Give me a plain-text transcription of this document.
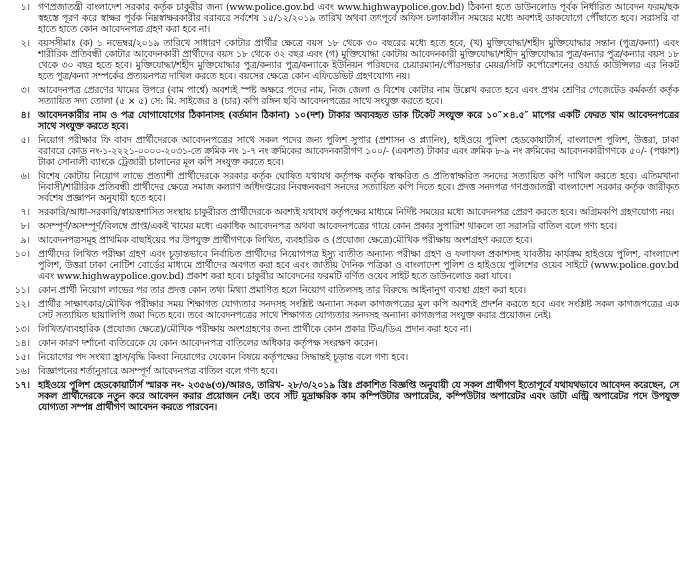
১। গণপ্রজাতন্ত্রী বাংলাদেশ সরকার কর্তৃক চাকুরীর জন্য (www.police.gov.bd এবং www.highwaypolice.gov.bd) ঠিকানা হতে ডাউনলোড পূর্বক নির্ধারিত আবেদন ফরম/ছক স্বহস্তে পূরণ করে স্বাক্ষর পূর্বক নিম্নস্বাক্ষরকারীর বরাবরে সর্বশেষ ১৫/১২/২০১৯ তারিখ অথবা তৎপূর্বে অফিস চলাকালীন সময়ের মধ্যে অবশ্যই ডাকযোগে পৌঁছাতে হবে। সরাসরি বা হাতে হাতে কোন আবেদনপত্র গ্রহণ করা হবে না।
২। বয়সসীমাঃ (ক) ১ নভেম্বর/২০১৯ তারিখে সাধারণ কোটার প্রার্থীর ক্ষেত্রে বয়স ১৮ থেকে ৩০ বছরের মধ্যে হতে হবে, (খ) মুক্তিযোদ্ধা/শহীদ মুক্তিযোদ্ধার সন্তান (পুত্র/কন্যা) এবং শারীরিক প্রতিবন্ধী কোটার আবেদনকারী প্রার্থীদের বয়স ১৮ থেকে ৩২ বছর এবং (গ) মুক্তিযোদ্ধা কোটায় আবেদনকারী মুক্তিযোদ্ধা/শহীদ মুক্তিযোদ্ধার পুত্র/কন্যার পুত্র/কন্যার বয়স ১৮ থেকে ৩০ বছর হতে হবে। মুক্তিযোদ্ধা/শহীদ মুক্তিযোদ্ধার পুত্র/কন্যার পুত্র/কন্যাকে ইউনিয়ন পরিষদের চেয়ারম্যান/পৌরসভার মেয়র/সিটি কর্পোরেশনের ওয়ার্ড কাউন্সিলর এর নিকট হতে পুত্র/কন্যা সম্পর্কের প্রত্যয়নপত্র দাখিল করতে হবে। বয়সের ক্ষেত্রে কোন এফিডেভিট গ্রহণযোগ্য নয়।
৩। আবেদনপত্র প্রেরণের খামের উপরে (বাম পার্শ্বে) অবশ্যই স্পষ্ট অক্ষরে পদের নাম, নিজ জেলা ও বিশেষ কোটার নাম উল্লেখ করতে হবে এবং প্রথম শ্রেণির গেজেটেড কর্মকর্তা কর্তৃক সত্যায়িত সদ্য তোলা (৫ × ৫) সে: মি. সাইজের ৪ (চার) কপি রঙ্গিন ছবি আবেদনপত্রের সাথে সংযুক্ত করতে হবে।
৪। আবেদনকারীর নাম ও পত্র যোগাযোগের ঠিকানাসহ (বর্তমান ঠিকানা) ১০(দশ) টাকার অব্যবহৃত ডাক টিকেট সংযুক্ত করে ১০″×৪.৫″ মাপের একটি ফেরত খাম আবেদনপত্রের সাথে সংযুক্ত করতে হবে।
৫। নিয়োগ পরীক্ষার ফি বাবদ প্রার্থীদেরকে আবেদনপত্রের সাথে সকল পদের জন্য পুলিশ সুপার (প্রশাসন ও প্ল্যানিং), হাইওয়ে পুলিশ হেডকোয়ার্টার্স, বাংলাদেশ পুলিশ, উত্তরা, ঢাকা বরাবরে কোড নং-১-২২২১-০০০০-২০৩১-তে ক্রমিক নং ১-৭ নং ক্রমিকের আবেদনকারীগণ ১০০/- (একশত) টাকার এবং ক্রমিক ৮-৯ নং ক্রমিকের আবেদনকারীগণকে ৫০/- (পঞ্চাশ) টাকা সোনালী ব্যাংকে ট্রেজারী চালানের মূল কপি সংযুক্ত করতে হবে।
৬। বিশেষ কোটায় নিয়োগ লাভে প্রত্যাশী প্রার্থীদেরকে সরকার কর্তৃক ঘোষিত যথাযথ কর্তৃপক্ষ কর্তৃক স্বাক্ষরিত ও প্রতিস্বাক্ষরিত সনদের সত্যায়িত কপি দাখিল করতে হবে। এতিমখানা নিবাসী/শারীরিক প্রতিবন্ধী প্রার্থীদের ক্ষেত্রে সমাজ কল্যাণ অধিদপ্তরের নিবন্ধনকরণ সনদের সত্যায়িত কপি দিতে হবে। প্রদত্ত সনদপত্র গণপ্রজাতন্ত্রী বাংলাদেশ সরকার কর্তৃক জারীকৃত সর্বশেষ প্রজ্ঞাপন অনুযায়ী হতে হবে।
৭। সরকারি/আধা-সরকারি/স্বায়ত্তশাসিত সংস্থায় চাকুরীরত প্রার্থীদেরকে অবশ্যই যথাযথ কর্তৃপক্ষের মাধ্যমে নির্দিষ্ট সময়ের মধ্যে আবেদনপত্র প্রেরণ করতে হবে। অগ্রিমকপি গ্রহণযোগ্য নয়।
৮। অসম্পূর্ণ/অসম্পূর্ণ/বিলম্বে প্রাপ্ত/একই খামের মধ্যে একাধিক আবেদনপত্র অথবা আবেদনপত্রের গায়ে কোন প্রকার সুপারিশ থাকলে তা সরাসরি বাতিল বলে গণ্য হবে।
৯। আবেদনপত্রসমূহ প্রাথমিক বাছাইয়ের পর উপযুক্ত প্রার্থীগণকে লিখিত, ব্যবহারিক ও (প্রযোজ্য ক্ষেত্রে)মৌখিক পরীক্ষায় অংশগ্রহণ করতে হবে।
১০। প্রার্থীদের লিখিত পরীক্ষা গ্রহণ এবং চূড়ান্তভাবে নির্বাচিত প্রার্থীদের নিয়োগপত্র ইস্যু ব্যতীত অন্যান্য পরীক্ষা গ্রহণ ও ফলাফল প্রকাশসহ যাবতীয় কার্যক্রম হাইওয়ে পুলিশ, বাংলাদেশ পুলিশ, উত্তরা ঢাকা নোটিশ বোর্ডের মাধ্যমে প্রার্থীদের অবগত করা হবে এবং জাতীয় দৈনিক পত্রিকা ও বাংলাদেশ পুলিশ ও হাইওয়ে পুলিশের ওয়েব সাইটে (www.police.gov.bd এবং www.highwaypolice.gov.bd) প্রকাশ করা হবে। চাকুরীর আবেদনের ফরমটি বর্ণিত ওয়েব সাইট হতে ডাউনলোড করা যাবে।
১১। কোন প্রার্থী নিয়োগ লাভের পর তার প্রদত্ত কোন তথ্য মিথ্যা প্রমাণিত হলে নিয়োগ বাতিলসহ তার বিরুদ্ধে আইনানুগ ব্যবস্থা গ্রহণ করা হবে।
১২। প্রার্থীর সাক্ষাৎকার/মৌখিক পরীক্ষার সময় শিক্ষাগত যোগ্যতার সনদসহ সংশ্লিষ্ট অন্যান্য সকল কাগজপত্রের মূল কপি অবশ্যই প্রদর্শন করতে হবে এবং সংশ্লিষ্ট সকল কাগজপত্রের এক সেট সত্যায়িত ছায়ালিপি জমা দিতে হবে। তবে আবেদনপত্রের সাথে শিক্ষাগত যোগ্যতার সনদসহ অন্যান্য কাগজপত্র সংযুক্ত করার প্রয়োজন নেই।
১৩। লিখিত/ব্যবহারিক (প্রযোজ্য ক্ষেত্রে)/মৌখিক পরীক্ষায় অংশগ্রহণের জন্য প্রার্থীকে কোন প্রকার টিএ/ডিএ প্রদান করা হবে না।
১৪। কোন কারণ দর্শানো ব্যতিরেকে যে কোন আবেদনপত্র বাতিলের অধিকার কর্তৃপক্ষ সংরক্ষণ করেন।
১৫। নিয়োগের পদ সংখ্যা হ্রাস/বৃদ্ধি কিংবা নিয়োগের যেকোন বিষয়ে কর্তৃপক্ষের সিদ্ধান্তই চূড়ান্ত বলে গণ্য হবে।
১৬। বিজ্ঞাপনের শর্তানুসারে অসম্পূর্ণ আবেদনপত্র বাতিল বলে গণ্য হবে।
১৭। হাইওয়ে পুলিশ হেডকোয়ার্টার্স স্মারক নং- ২৩৫৬(৩)/আরও, তারিখ- ২৮/৩/২০১৯ খ্রিঃ প্রকাশিত বিজ্ঞপ্তি অনুযায়ী যে সকল প্রার্থীগণ ইতোপূর্বে যথাযথভাবে আবেদন করেছেন, সে সকল প্রার্থীদেরকে নতুন করে আবেদন করার প্রয়োজন নেই। তবে সাঁট মুদ্রাক্ষরিক কাম কম্পিউটার অপারেটর, কম্পিউটার অপারেটর এবং ডাটা এন্ট্রি অপারেটর পদে উপযুক্ত যোগ্যতা সম্পন্ন প্রার্থীগণ আবেদন করতে পারবেন।
